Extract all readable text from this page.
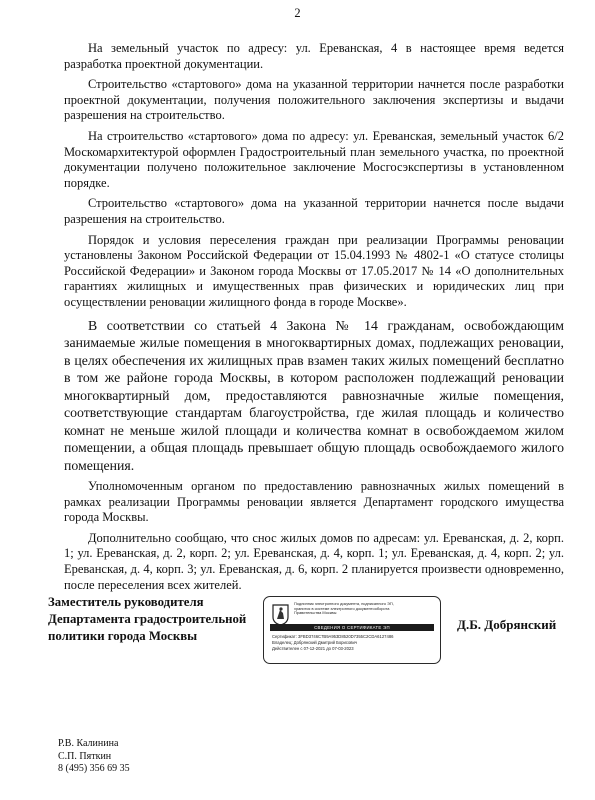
2

На земельный участок по адресу: ул. Ереванская, 4 в настоящее время ведется разработка проектной документации.

Строительство «стартового» дома на указанной территории начнется после разработки проектной документации, получения положительного заключения экспертизы и выдачи разрешения на строительство.

На строительство «стартового» дома по адресу: ул. Ереванская, земельный участок 6/2 Москомархитектурой оформлен Градостроительный план земельного участка, по проектной документации получено положительное заключение Мосгосэкспертизы в установленном порядке.

Строительство «стартового» дома на указанной территории начнется после выдачи разрешения на строительство.

Порядок и условия переселения граждан при реализации Программы реновации установлены Законом Российской Федерации от 15.04.1993 № 4802-1 «О статусе столицы Российской Федерации» и Законом города Москвы от 17.05.2017 № 14 «О дополнительных гарантиях жилищных и имущественных прав физических и юридических лиц при осуществлении реновации жилищного фонда в городе Москве».

В соответствии со статьей 4 Закона № 14 гражданам, освобождающим занимаемые жилые помещения в многоквартирных домах, подлежащих реновации, в целях обеспечения их жилищных прав взамен таких жилых помещений бесплатно в том же районе города Москвы, в котором расположен подлежащий реновации многоквартирный дом, предоставляются равнозначные жилые помещения, соответствующие стандартам благоустройства, где жилая площадь и количество комнат не меньше жилой площади и количества комнат в освобождаемом жилом помещении, а общая площадь превышает общую площадь освобождаемого жилого помещения.

Уполномоченным органом по предоставлению равнозначных жилых помещений в рамках реализации Программы реновации является Департамент городского имущества города Москвы.

Дополнительно сообщаю, что снос жилых домов по адресам: ул. Ереванская, д. 2, корп. 1; ул. Ереванская, д. 2, корп. 2; ул. Ереванская, д. 4, корп. 1; ул. Ереванская, д. 4, корп. 2; ул. Ереванская, д. 4, корп. 3; ул. Ереванская, д. 6, корп. 2 планируется произвести одновременно, после переселения всех жителей.

Заместитель руководителя
Департамента градостроительной
политики города Москвы
Подлинник электронного документа, подписанного ЭП,
хранится в системе электронного документооборота
Правительства Москвы
СВЕДЕНИЯ О СЕРТИФИКАТЕ ЭП
Сертификат: 3FBD3746C7B9A953D8520D7355C2CDA6127486
Владелец: Добрянский Дмитрий Борисович
Действителен с 07-12-2021 до 07-03-2023
Д.Б. Добрянский
Р.В. Калинина
С.П. Пяткин
8 (495) 356 69 35
